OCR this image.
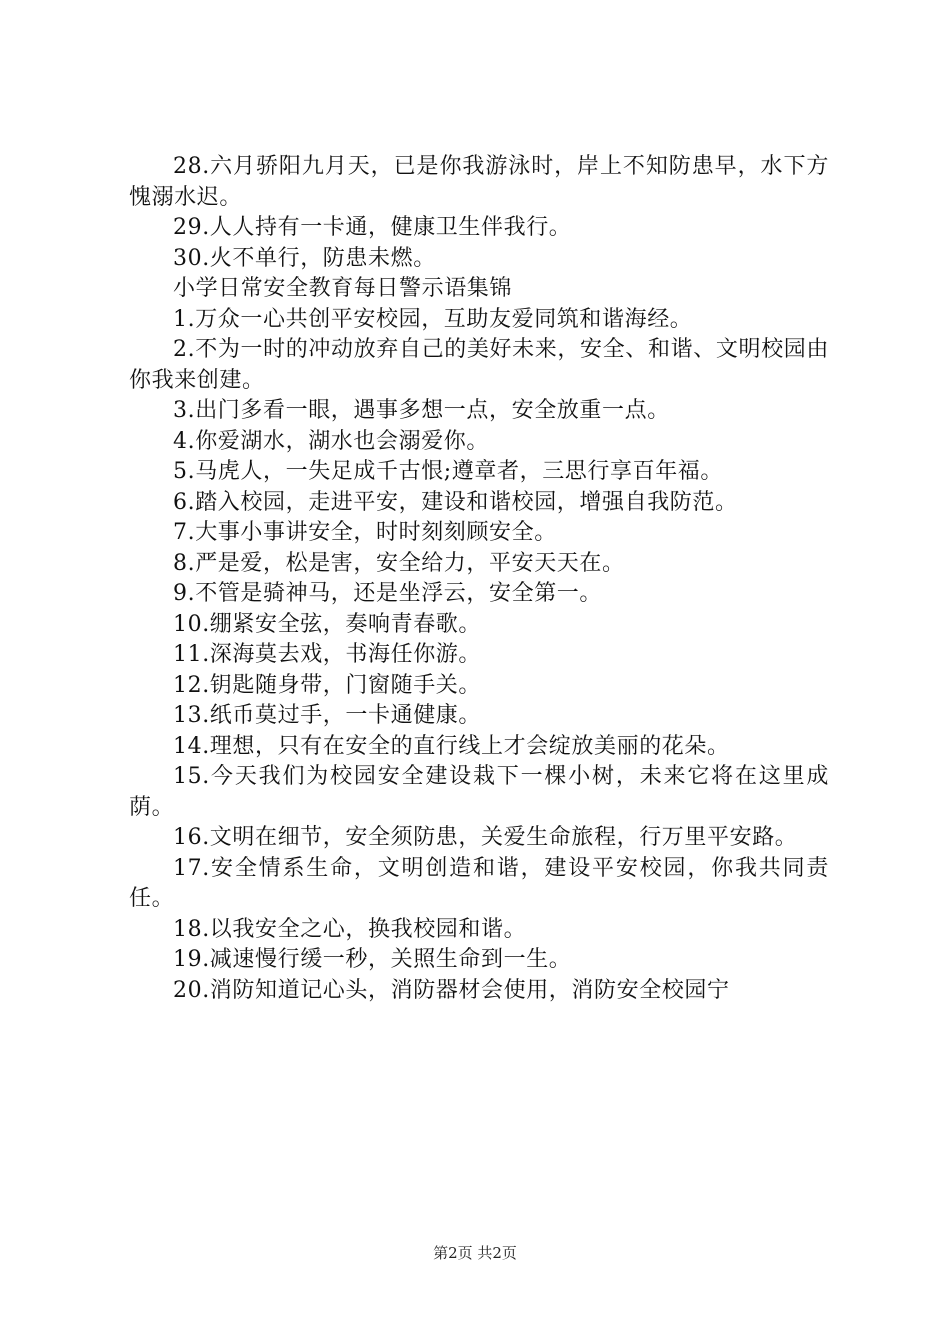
28.六月骄阳九月天，已是你我游泳时，岸上不知防患早，水下方愧溺水迟。

29.人人持有一卡通，健康卫生伴我行。

30.火不单行，防患未燃。

小学日常安全教育每日警示语集锦

1.万众一心共创平安校园，互助友爱同筑和谐海经。

2.不为一时的冲动放弃自己的美好未来，安全、和谐、文明校园由你我来创建。

3.出门多看一眼，遇事多想一点，安全放重一点。

4.你爱湖水，湖水也会溺爱你。

5.马虎人，一失足成千古恨;遵章者，三思行享百年福。

6.踏入校园，走进平安，建设和谐校园，增强自我防范。

7.大事小事讲安全，时时刻刻顾安全。

8.严是爱，松是害，安全给力，平安天天在。

9.不管是骑神马，还是坐浮云，安全第一。

10.绷紧安全弦，奏响青春歌。

11.深海莫去戏，书海任你游。

12.钥匙随身带，门窗随手关。

13.纸币莫过手，一卡通健康。

14.理想，只有在安全的直行线上才会绽放美丽的花朵。

15.今天我们为校园安全建设栽下一棵小树，未来它将在这里成荫。

16.文明在细节，安全须防患，关爱生命旅程，行万里平安路。

17.安全情系生命，文明创造和谐，建设平安校园，你我共同责任。

18.以我安全之心，换我校园和谐。

19.减速慢行缓一秒，关照生命到一生。

20.消防知道记心头，消防器材会使用，消防安全校园宁

第2页 共2页
